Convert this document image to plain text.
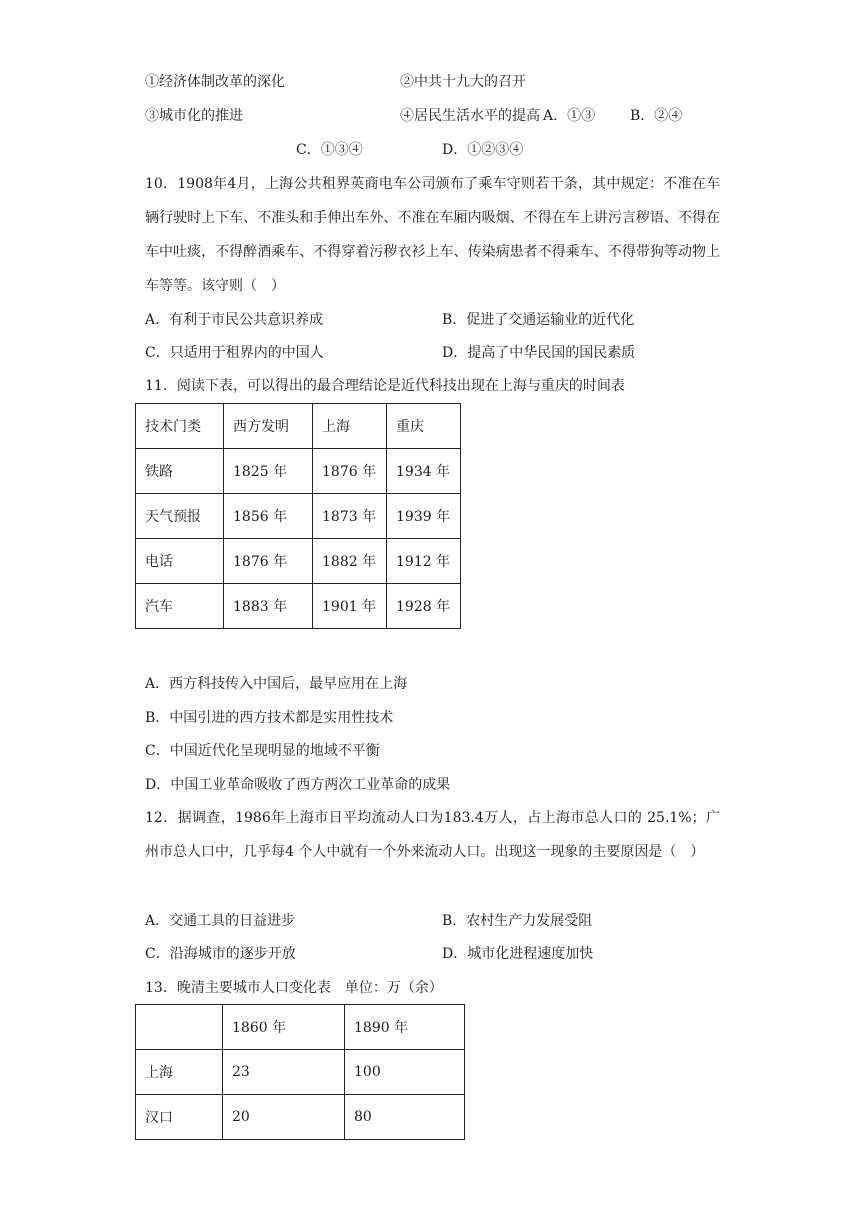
①经济体制改革的深化	②中共十九大的召开
③城市化的推进	④居民生活水平的提高 A．①③ B．②④
C．①③④	D．①②③④
10．1908年4月，上海公共租界英商电车公司颁布了乘车守则若干条，其中规定：不准在车辆行驶时上下车、不准头和手伸出车外、不准在车厢内吸烟、不得在车上讲污言秽语、不得在车中吐痰，不得醉酒乘车、不得穿着污秽衣衫上车、传染病患者不得乘车、不得带狗等动物上车等等。该守则（　）
A．有利于市民公共意识养成	B．促进了交通运输业的近代化
C．只适用于租界内的中国人	D．提高了中华民国的国民素质
11．阅读下表，可以得出的最合理结论是近代科技出现在上海与重庆的时间表
技术门类	西方发明	上海	重庆
铁路	1825 年	1876 年	1934 年
天气预报	1856 年	1873 年	1939 年
电话	1876 年	1882 年	1912 年
汽车	1883 年	1901 年	1928 年
A．西方科技传入中国后，最早应用在上海
B．中国引进的西方技术都是实用性技术
C．中国近代化呈现明显的地域不平衡
D．中国工业革命吸收了西方两次工业革命的成果
12．据调查，1986年上海市日平均流动人口为183.4万人，占上海市总人口的 25.1%；广州市总人口中，几乎每4 个人中就有一个外来流动人口。出现这一现象的主要原因是（　）
A．交通工具的日益进步	B．农村生产力发展受阻
C．沿海城市的逐步开放	D．城市化进程速度加快
13．晚清主要城市人口变化表　单位：万（余）
	1860 年	1890 年
上海	23	100
汉口	20	80
